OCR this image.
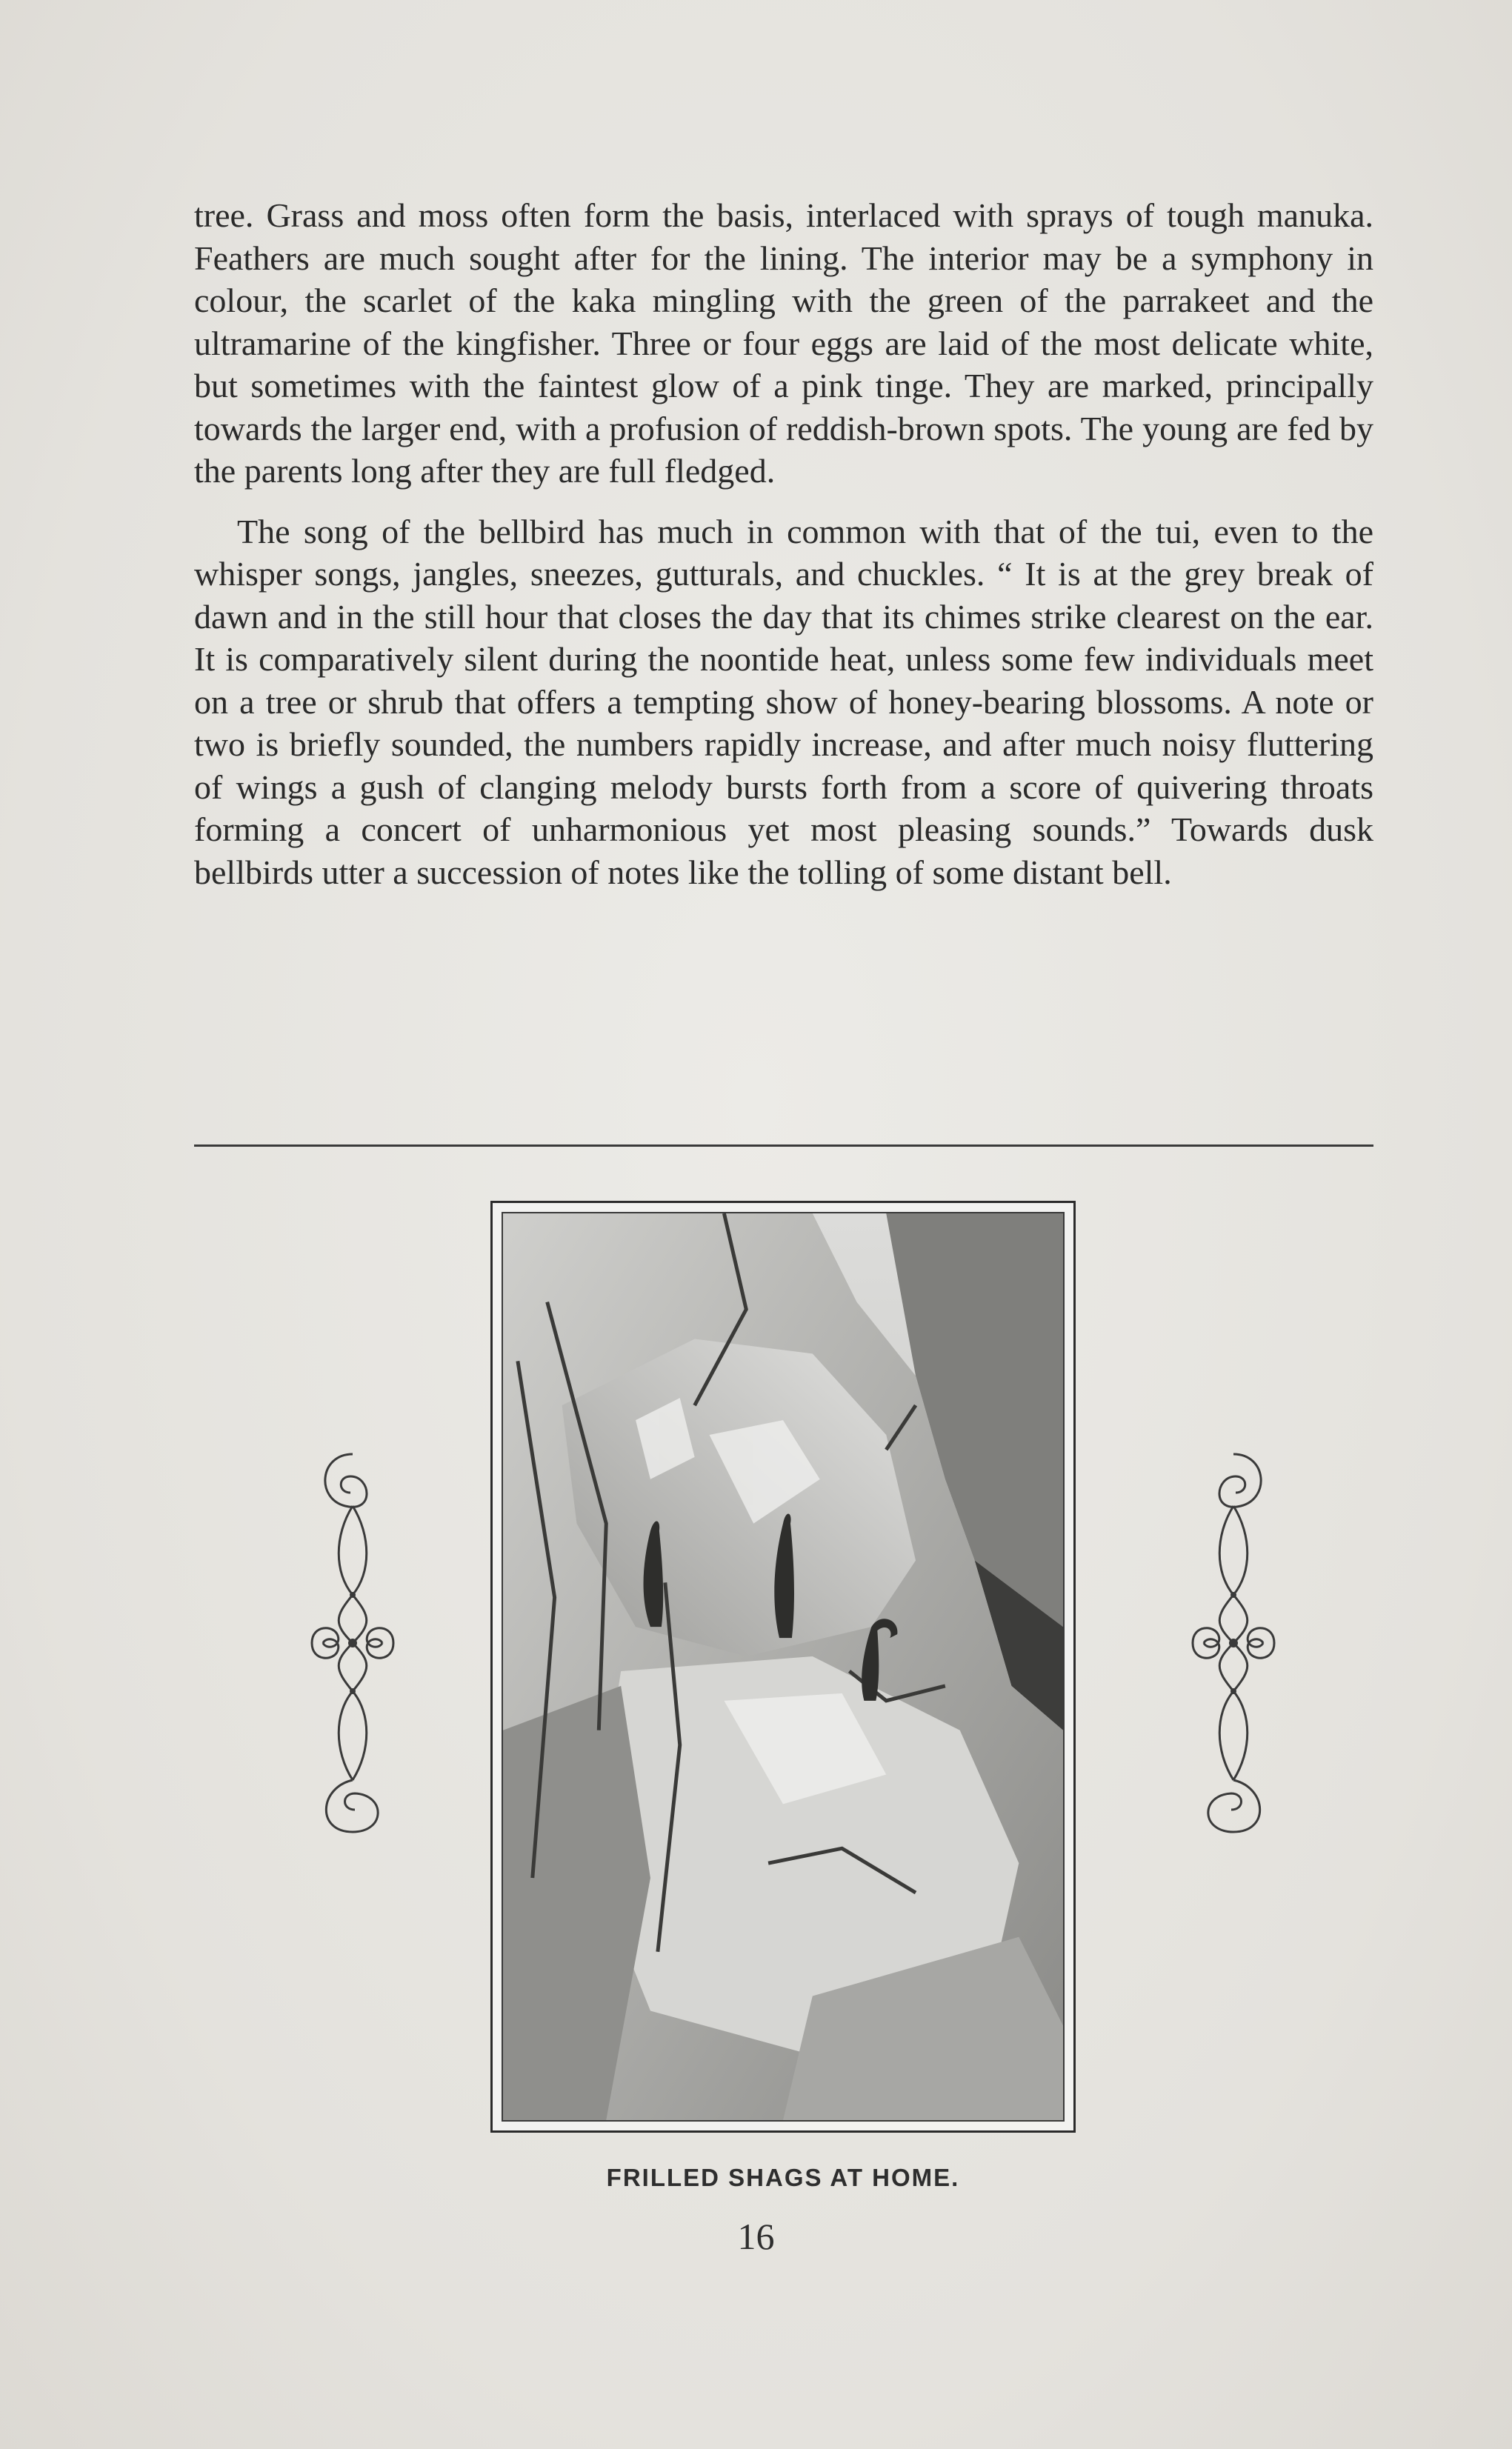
tree. Grass and moss often form the basis, interlaced with sprays of tough manuka. Feathers are much sought after for the lining. The interior may be a symphony in colour, the scarlet of the kaka mingling with the green of the parrakeet and the ultramarine of the kingfisher. Three or four eggs are laid of the most delicate white, but sometimes with the faintest glow of a pink tinge. They are marked, principally towards the larger end, with a profusion of reddish-brown spots. The young are fed by the parents long after they are full fledged.

The song of the bellbird has much in common with that of the tui, even to the whisper songs, jangles, sneezes, gutturals, and chuckles. “ It is at the grey break of dawn and in the still hour that closes the day that its chimes strike clearest on the ear. It is comparatively silent during the noontide heat, unless some few individuals meet on a tree or shrub that offers a tempting show of honey-bearing blossoms. A note or two is briefly sounded, the numbers rapidly increase, and after much noisy fluttering of wings a gush of clanging melody bursts forth from a score of quivering throats forming a concert of unharmonious yet most pleasing sounds.” Towards dusk bellbirds utter a succession of notes like the tolling of some distant bell.

FRILLED SHAGS AT HOME.
16
